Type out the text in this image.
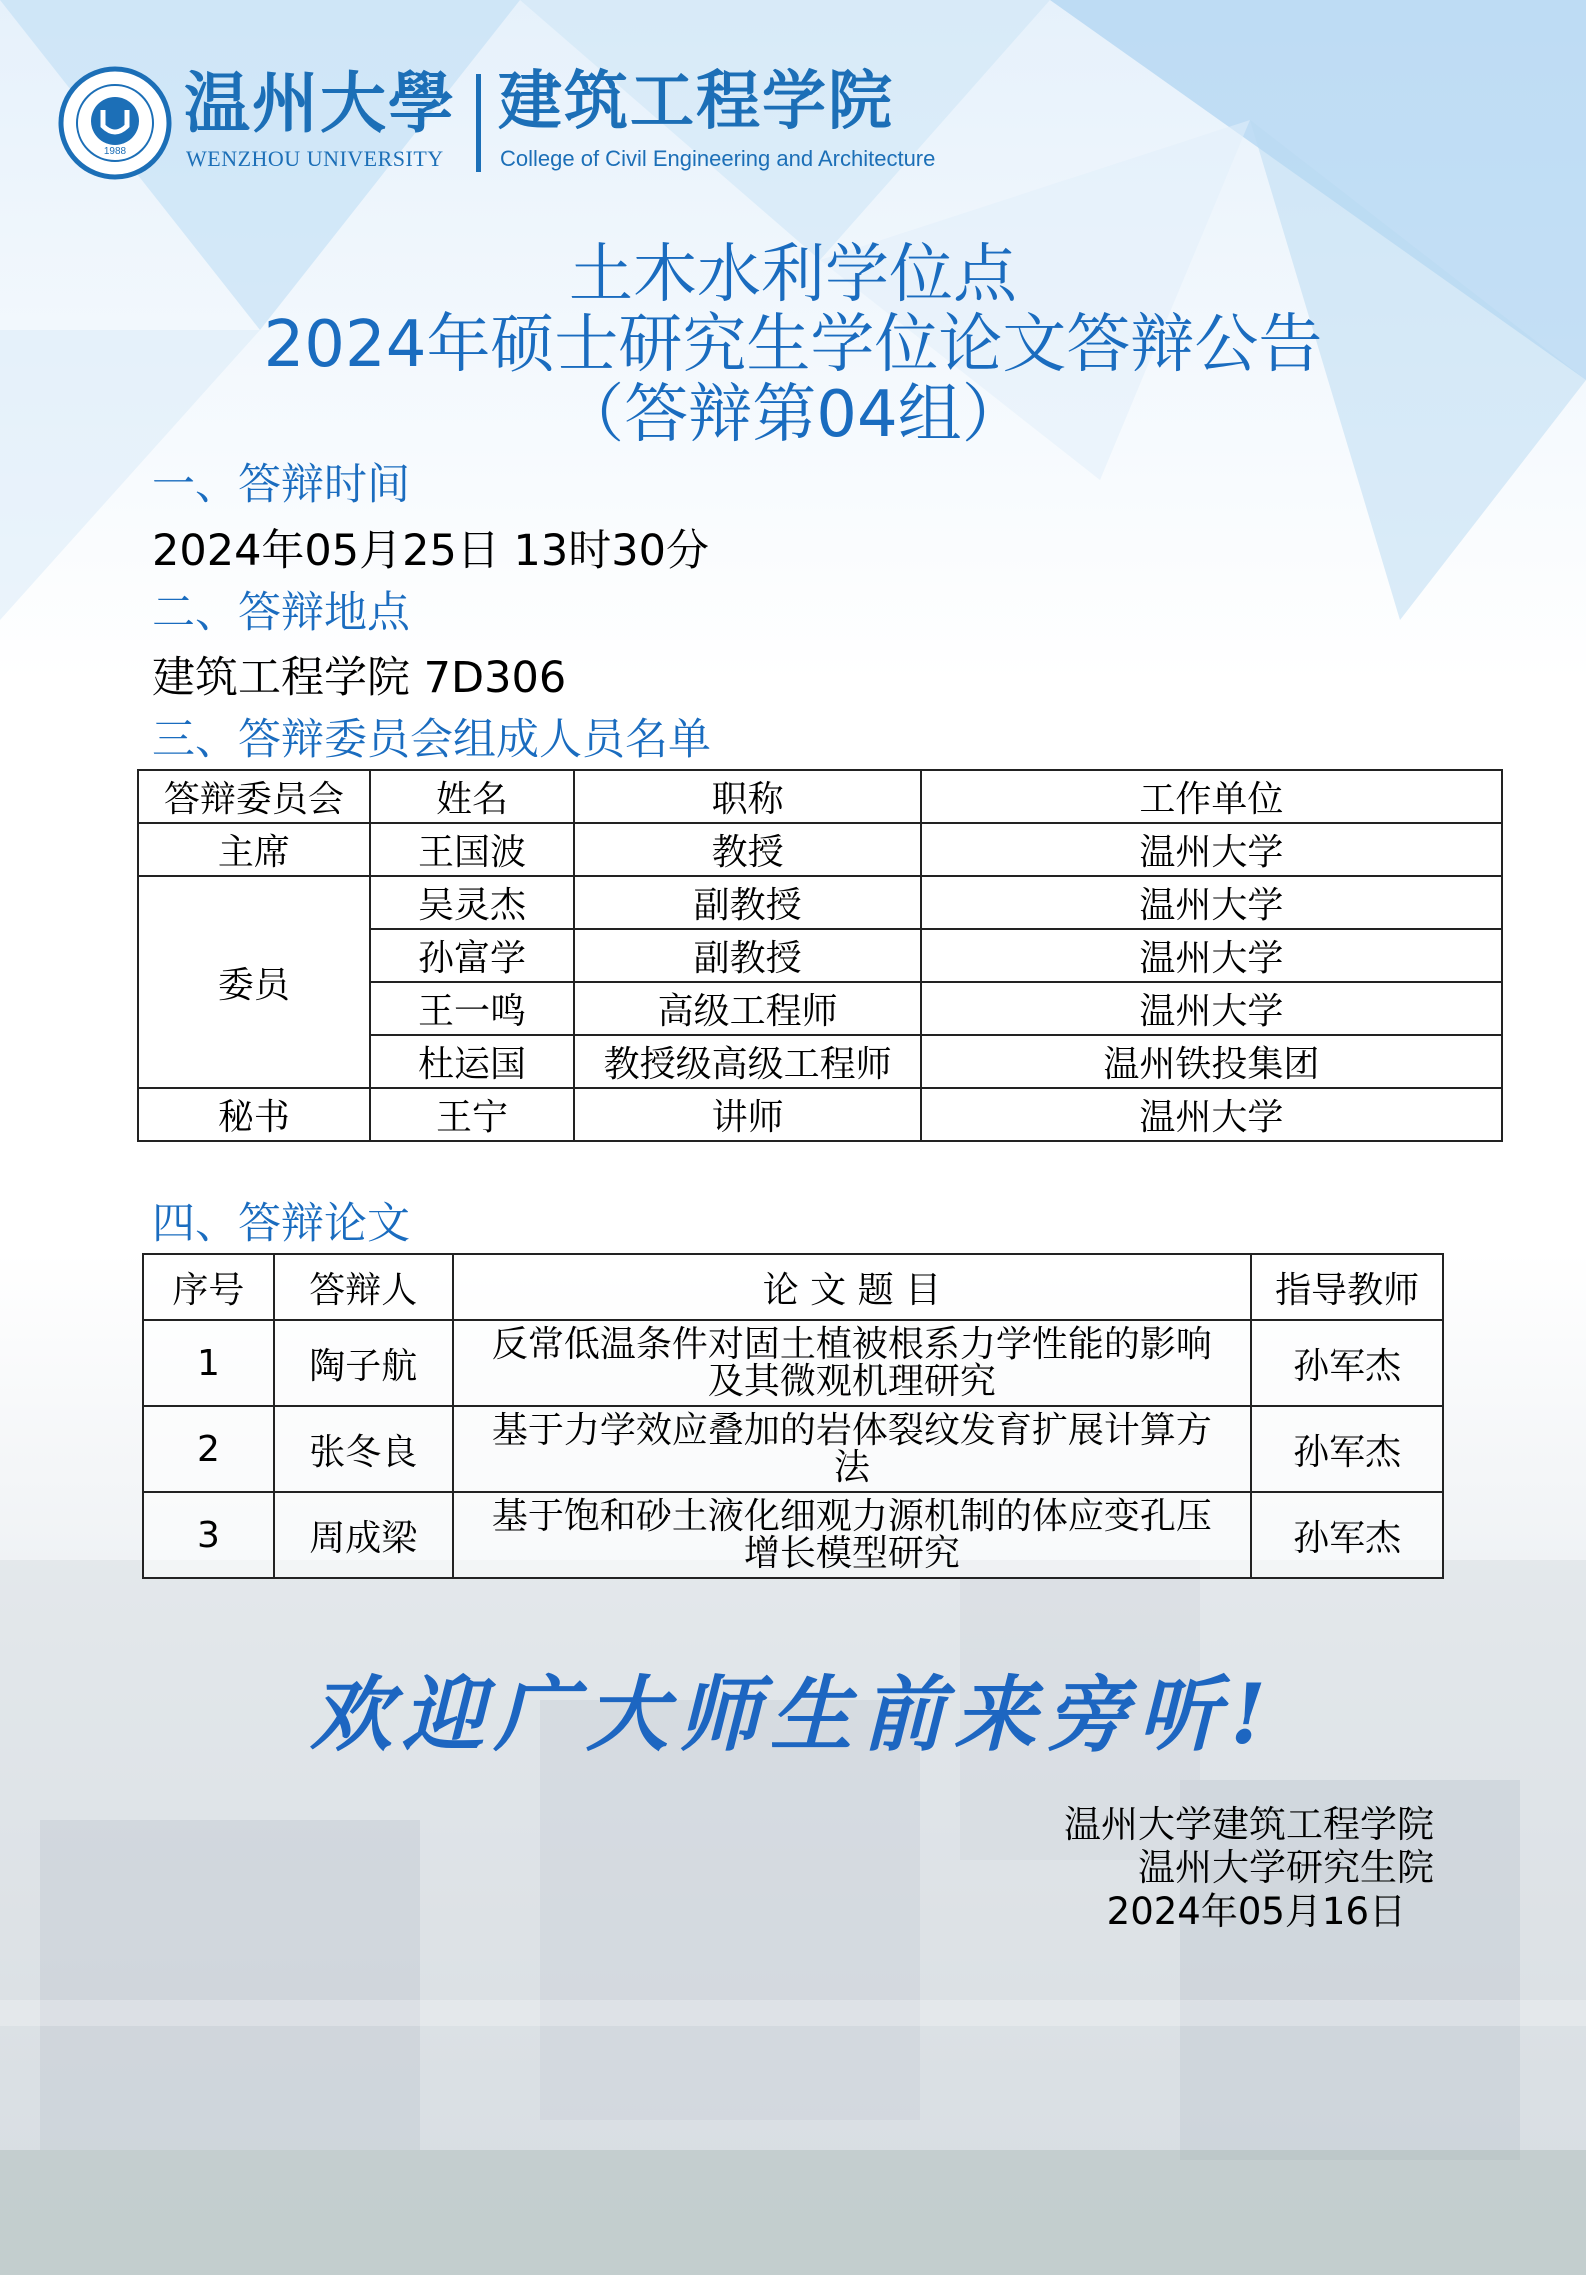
1988
温州大學
WENZHOU UNIVERSITY
建筑工程学院
College of Civil Engineering and Architecture
土木水利学位点
2024年硕士研究生学位论文答辩公告
（答辩第04组）
一、答辩时间
2024年05月25日 13时30分
二、答辩地点
建筑工程学院 7D306
三、答辩委员会组成人员名单
答辩委员会	姓名	职称	工作单位
主席	王国波	教授	温州大学
委员	吴灵杰	副教授	温州大学
	孙富学	副教授	温州大学
	王一鸣	高级工程师	温州大学
	杜运国	教授级高级工程师	温州铁投集团
秘书	王宁	讲师	温州大学
四、答辩论文
序号	答辩人	论 文 题 目	指导教师
1	陶子航	反常低温条件对固土植被根系力学性能的影响
及其微观机理研究	孙军杰
2	张冬良	基于力学效应叠加的岩体裂纹发育扩展计算方
法	孙军杰
3	周成梁	基于饱和砂土液化细观力源机制的体应变孔压
增长模型研究	孙军杰
欢迎广大师生前来旁听!
温州大学建筑工程学院
温州大学研究生院
2024年05月16日
